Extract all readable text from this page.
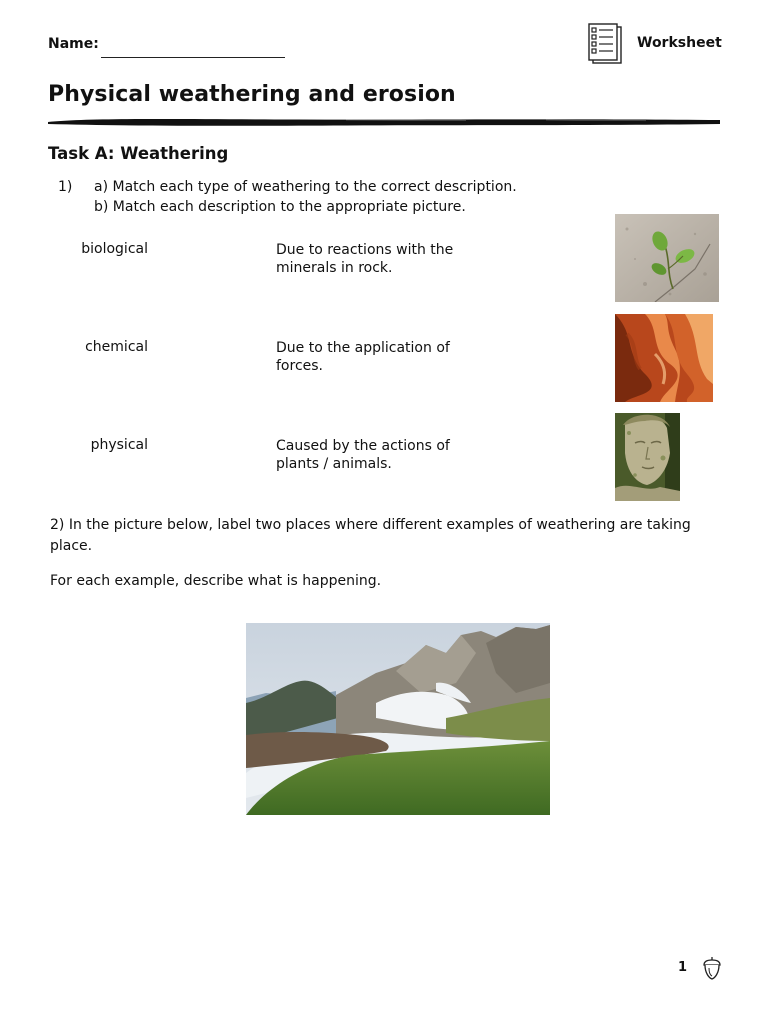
Name:	Worksheet
Physical weathering and erosion
Task A: Weathering
1) a) Match each type of weathering to the correct description.
b) Match each description to the appropriate picture.
biological	Due to reactions with the minerals in rock.
chemical	Due to the application of forces.
physical	Caused by the actions of plants / animals.
2) In the picture below, label two places where different examples of weathering are taking place.
For each example, describe what is happening.
1
